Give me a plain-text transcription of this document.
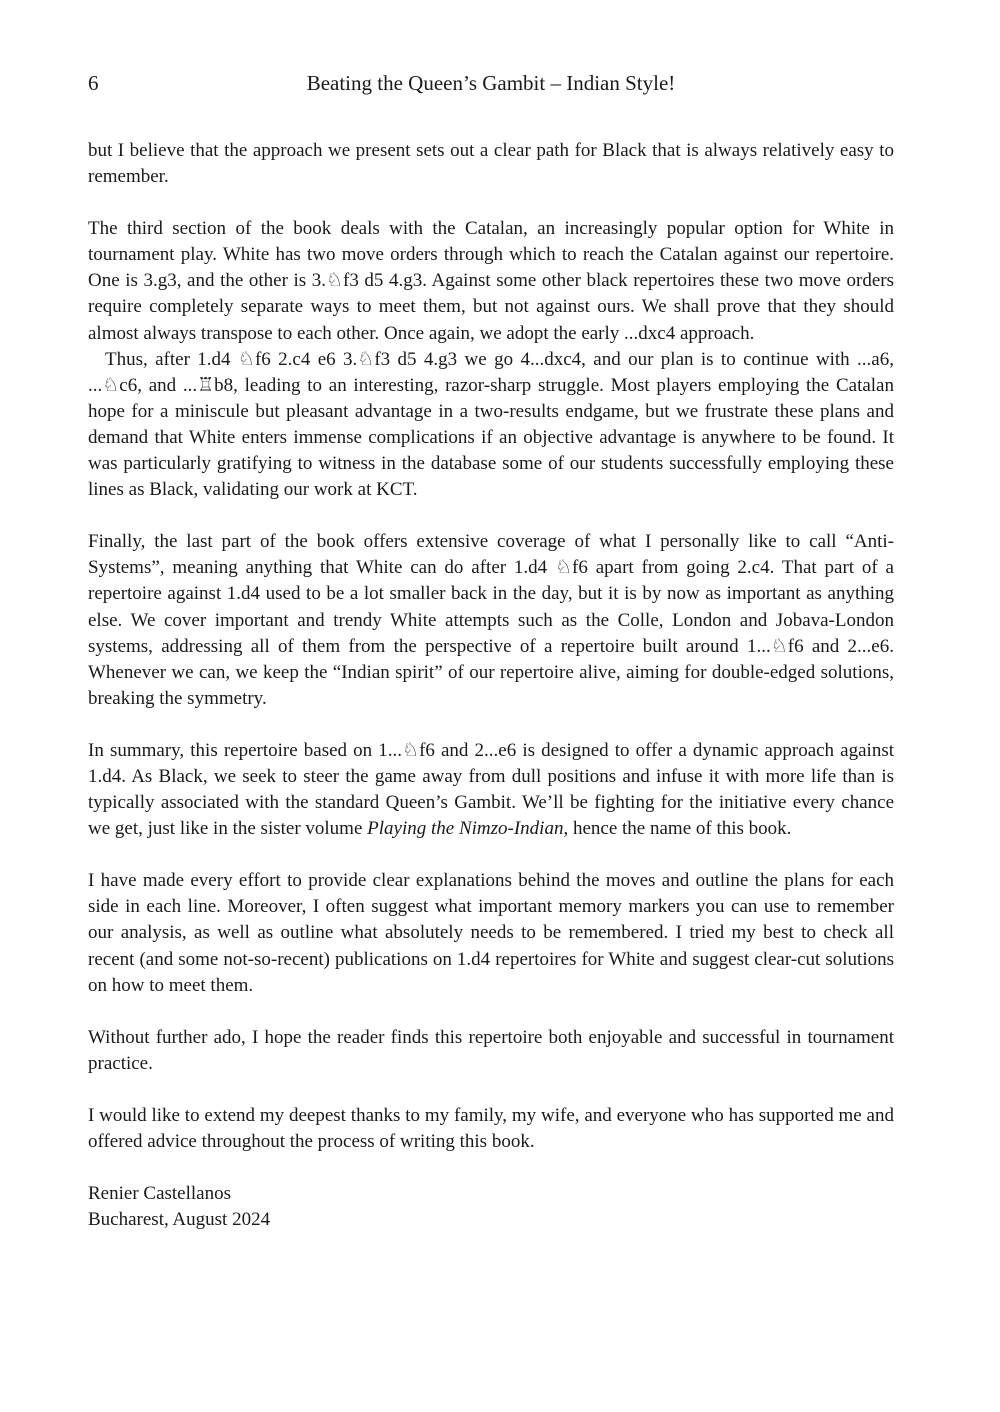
6	Beating the Queen’s Gambit – Indian Style!

but I believe that the approach we present sets out a clear path for Black that is always relatively easy to remember.

The third section of the book deals with the Catalan, an increasingly popular option for White in tournament play. White has two move orders through which to reach the Catalan against our repertoire. One is 3.g3, and the other is 3.♘f3 d5 4.g3. Against some other black repertoires these two move orders require completely separate ways to meet them, but not against ours. We shall prove that they should almost always transpose to each other. Once again, we adopt the early ...dxc4 approach.

Thus, after 1.d4 ♘f6 2.c4 e6 3.♘f3 d5 4.g3 we go 4...dxc4, and our plan is to continue with ...a6, ...♘c6, and ...♖b8, leading to an interesting, razor-sharp struggle. Most players employing the Catalan hope for a miniscule but pleasant advantage in a two-results endgame, but we frustrate these plans and demand that White enters immense complications if an objective advantage is anywhere to be found. It was particularly gratifying to witness in the database some of our students successfully employing these lines as Black, validating our work at KCT.

Finally, the last part of the book offers extensive coverage of what I personally like to call “Anti-Systems”, meaning anything that White can do after 1.d4 ♘f6 apart from going 2.c4. That part of a repertoire against 1.d4 used to be a lot smaller back in the day, but it is by now as important as anything else. We cover important and trendy White attempts such as the Colle, London and Jobava-London systems, addressing all of them from the perspective of a repertoire built around 1...♘f6 and 2...e6. Whenever we can, we keep the “Indian spirit” of our repertoire alive, aiming for double-edged solutions, breaking the symmetry.

In summary, this repertoire based on 1...♘f6 and 2...e6 is designed to offer a dynamic approach against 1.d4. As Black, we seek to steer the game away from dull positions and infuse it with more life than is typically associated with the standard Queen’s Gambit. We’ll be fighting for the initiative every chance we get, just like in the sister volume Playing the Nimzo-Indian, hence the name of this book.

I have made every effort to provide clear explanations behind the moves and outline the plans for each side in each line. Moreover, I often suggest what important memory markers you can use to remember our analysis, as well as outline what absolutely needs to be remembered. I tried my best to check all recent (and some not-so-recent) publications on 1.d4 repertoires for White and suggest clear-cut solutions on how to meet them.

Without further ado, I hope the reader finds this repertoire both enjoyable and successful in tournament practice.

I would like to extend my deepest thanks to my family, my wife, and everyone who has supported me and offered advice throughout the process of writing this book.

Renier Castellanos
Bucharest, August 2024
